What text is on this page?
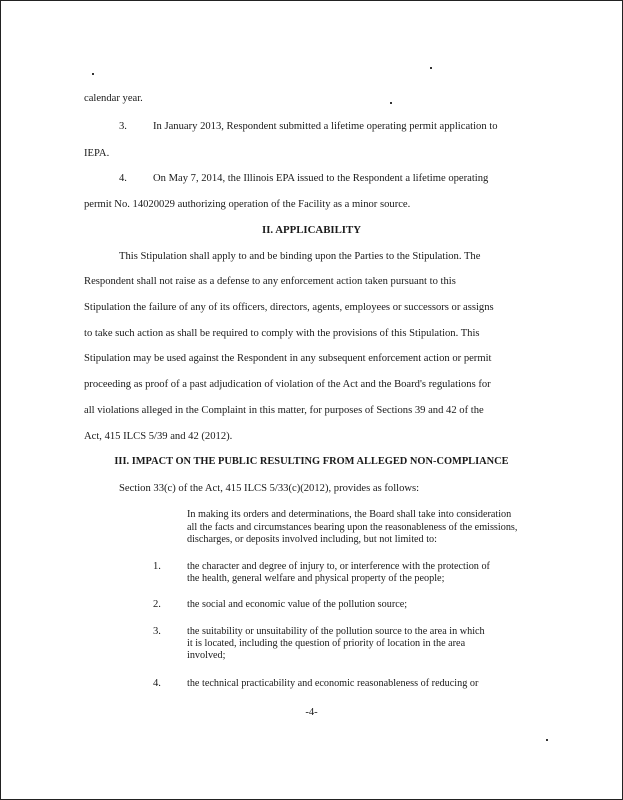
calendar year.
3. In January 2013, Respondent submitted a lifetime operating permit application to
IEPA.
4. On May 7, 2014, the Illinois EPA issued to the Respondent a lifetime operating
permit No. 14020029 authorizing operation of the Facility as a minor source.
II. APPLICABILITY
This Stipulation shall apply to and be binding upon the Parties to the Stipulation. The
Respondent shall not raise as a defense to any enforcement action taken pursuant to this
Stipulation the failure of any of its officers, directors, agents, employees or successors or assigns
to take such action as shall be required to comply with the provisions of this Stipulation. This
Stipulation may be used against the Respondent in any subsequent enforcement action or permit
proceeding as proof of a past adjudication of violation of the Act and the Board's regulations for
all violations alleged in the Complaint in this matter, for purposes of Sections 39 and 42 of the
Act, 415 ILCS 5/39 and 42 (2012).
III. IMPACT ON THE PUBLIC RESULTING FROM ALLEGED NON-COMPLIANCE
Section 33(c) of the Act, 415 ILCS 5/33(c)(2012), provides as follows:
In making its orders and determinations, the Board shall take into consideration
all the facts and circumstances bearing upon the reasonableness of the emissions,
discharges, or deposits involved including, but not limited to:
1.	the character and degree of injury to, or interference with the protection of
the health, general welfare and physical property of the people;
2.	the social and economic value of the pollution source;
3.	the suitability or unsuitability of the pollution source to the area in which
it is located, including the question of priority of location in the area
involved;
4.	the technical practicability and economic reasonableness of reducing or
-4-
